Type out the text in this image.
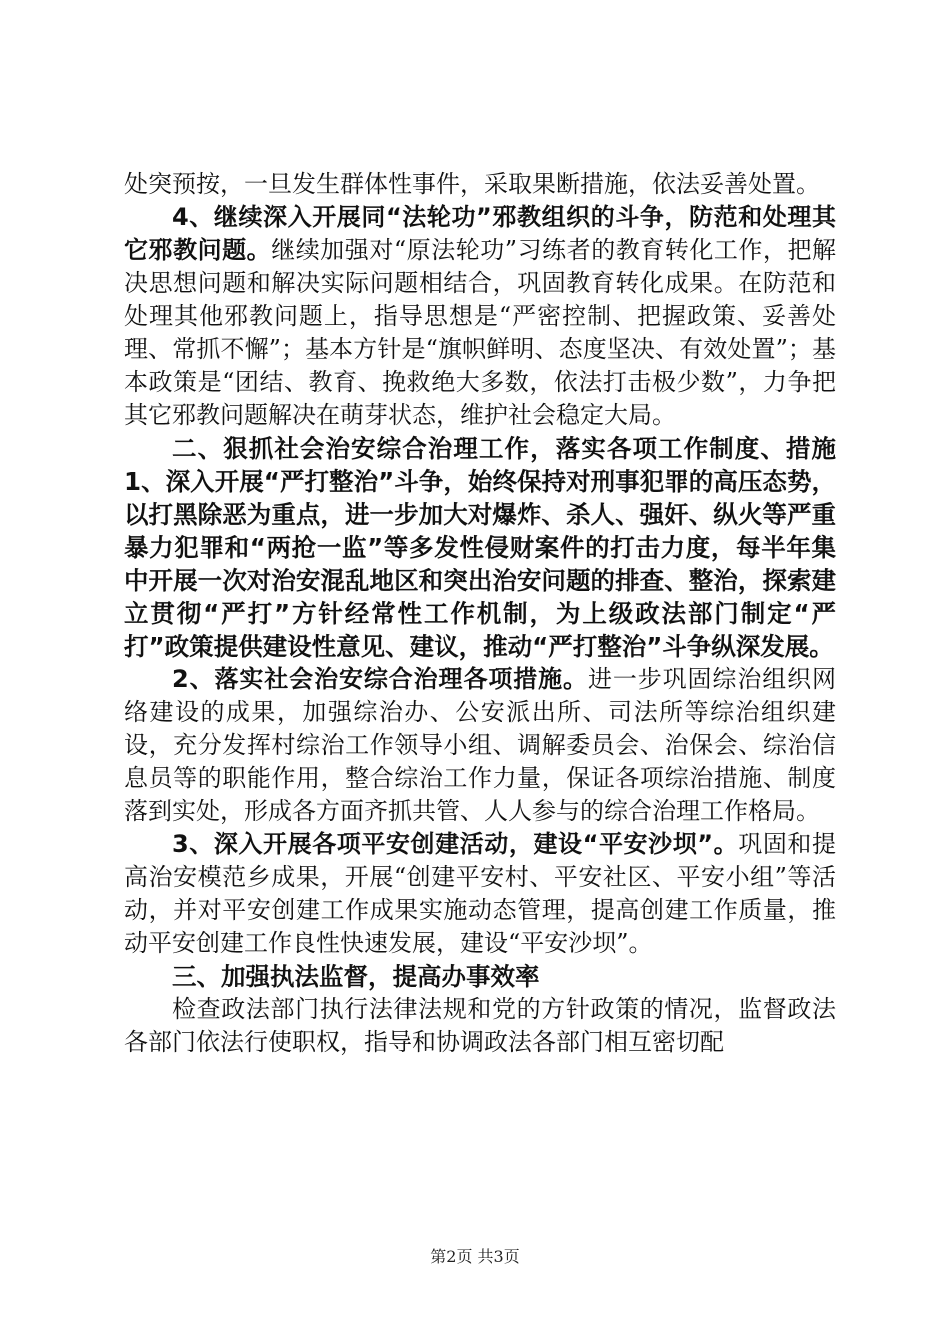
处突预按，一旦发生群体性事件，采取果断措施，依法妥善处置。

4、继续深入开展同“法轮功”邪教组织的斗争，防范和处理其它邪教问题。继续加强对“原法轮功”习练者的教育转化工作，把解决思想问题和解决实际问题相结合，巩固教育转化成果。在防范和处理其他邪教问题上，指导思想是“严密控制、把握政策、妥善处理、常抓不懈”；基本方针是“旗帜鲜明、态度坚决、有效处置”；基本政策是“团结、教育、挽救绝大多数，依法打击极少数”，力争把其它邪教问题解决在萌芽状态，维护社会稳定大局。

二、狠抓社会治安综合治理工作，落实各项工作制度、措施1、深入开展“严打整治”斗争，始终保持对刑事犯罪的高压态势，以打黑除恶为重点，进一步加大对爆炸、杀人、强奸、纵火等严重暴力犯罪和“两抢一监”等多发性侵财案件的打击力度，每半年集中开展一次对治安混乱地区和突出治安问题的排查、整治，探索建立贯彻“严打”方针经常性工作机制，为上级政法部门制定“严打”政策提供建设性意见、建议，推动“严打整治”斗争纵深发展。

2、落实社会治安综合治理各项措施。进一步巩固综治组织网络建设的成果，加强综治办、公安派出所、司法所等综治组织建设，充分发挥村综治工作领导小组、调解委员会、治保会、综治信息员等的职能作用，整合综治工作力量，保证各项综治措施、制度落到实处，形成各方面齐抓共管、人人参与的综合治理工作格局。

3、深入开展各项平安创建活动，建设“平安沙坝”。巩固和提高治安模范乡成果，开展“创建平安村、平安社区、平安小组”等活动，并对平安创建工作成果实施动态管理，提高创建工作质量，推动平安创建工作良性快速发展，建设“平安沙坝”。

三、加强执法监督，提高办事效率

检查政法部门执行法律法规和党的方针政策的情况，监督政法各部门依法行使职权，指导和协调政法各部门相互密切配

第2页 共3页
